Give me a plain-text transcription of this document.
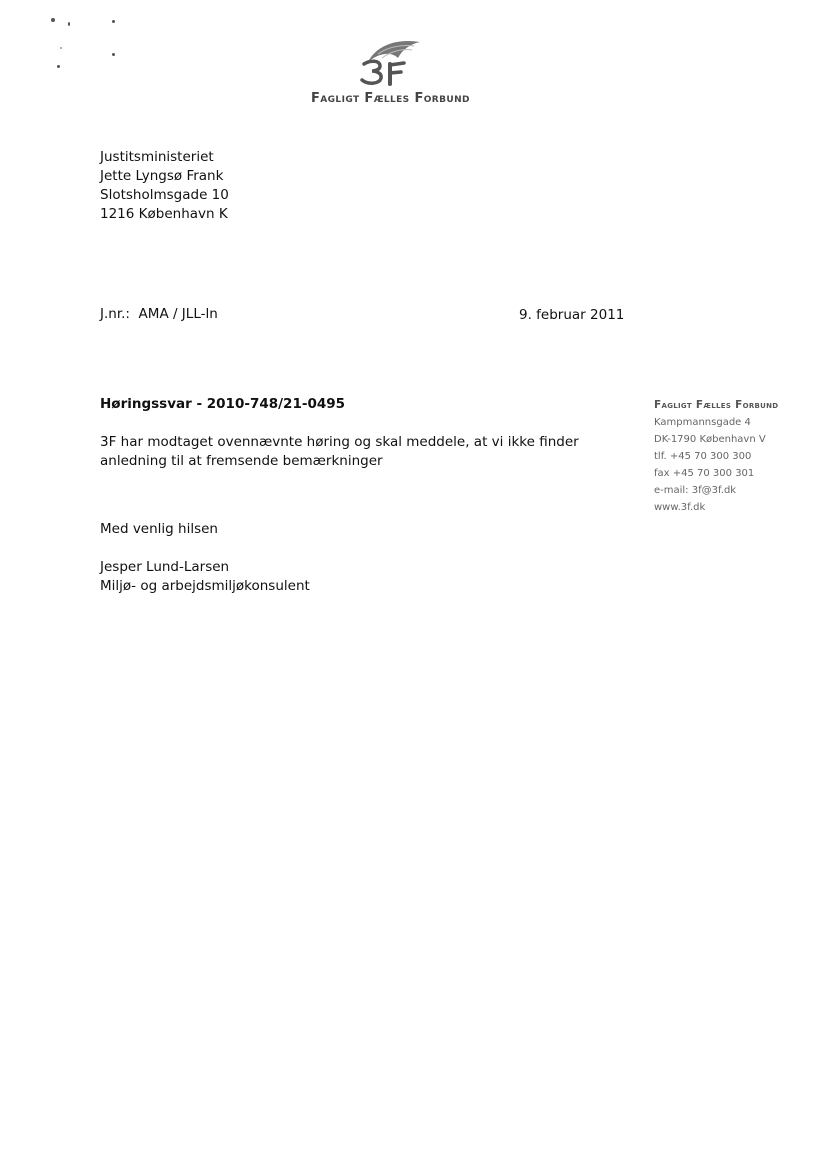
Fagligt Fælles Forbund
Justitsministeriet
Jette Lyngsø Frank
Slotsholmsgade 10
1216 København K
J.nr.:  AMA / JLL-ln	9. februar 2011
Høringssvar - 2010-748/21-0495
3F har modtaget ovennævnte høring og skal meddele, at vi ikke finder
anledning til at fremsende bemærkninger
Med venlig hilsen
Jesper Lund-Larsen
Miljø- og arbejdsmiljøkonsulent
Fagligt Fælles Forbund
Kampmannsgade 4
DK-1790 København V
tlf. +45 70 300 300
fax +45 70 300 301
e-mail: 3f@3f.dk
www.3f.dk
